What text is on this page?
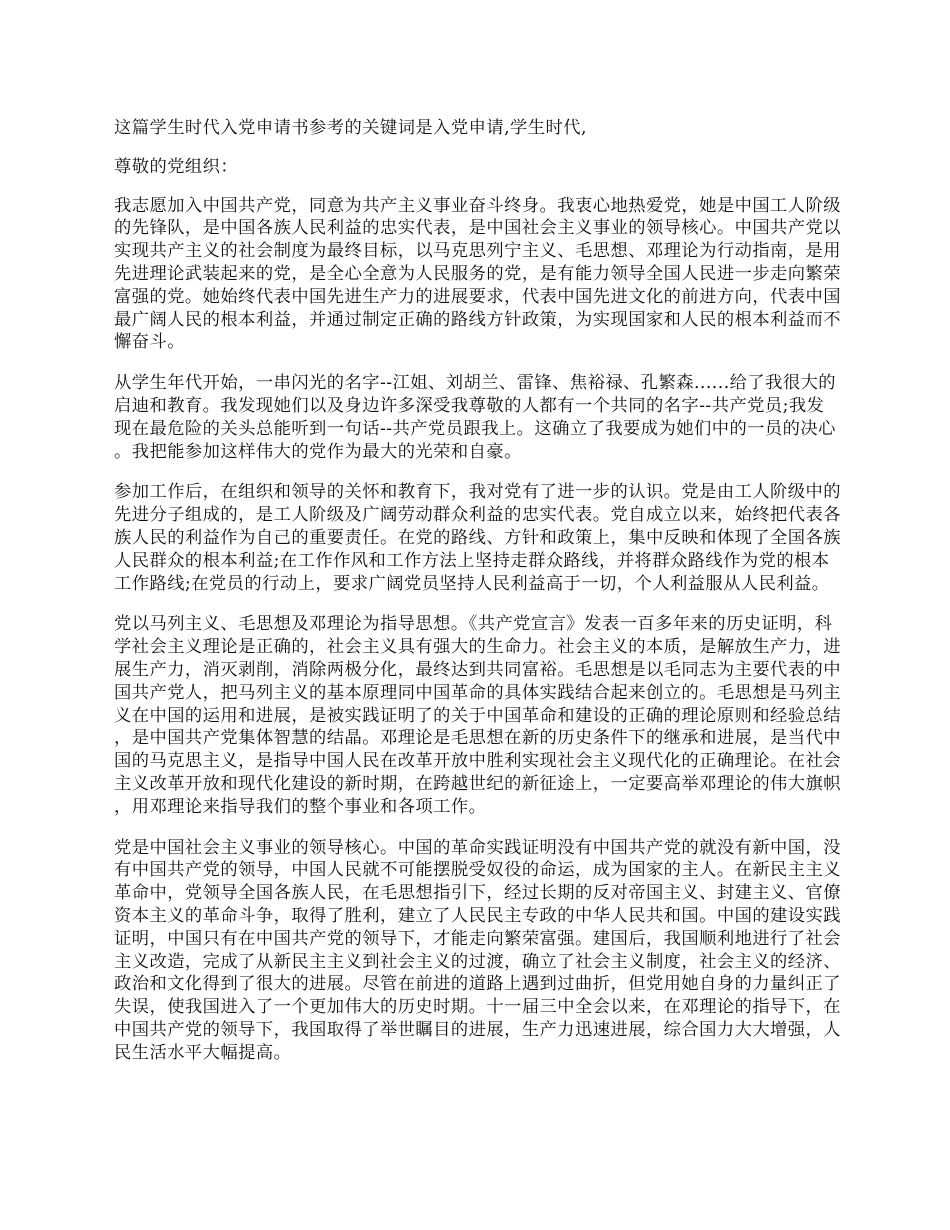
这篇学生时代入党申请书参考的关键词是入党申请,学生时代,

尊敬的党组织：

我志愿加入中国共产党，同意为共产主义事业奋斗终身。我衷心地热爱党，她是中国工人阶级的先锋队，是中国各族人民利益的忠实代表，是中国社会主义事业的领导核心。中国共产党以实现共产主义的社会制度为最终目标，以马克思列宁主义、毛思想、邓理论为行动指南，是用先进理论武装起来的党，是全心全意为人民服务的党，是有能力领导全国人民进一步走向繁荣富强的党。她始终代表中国先进生产力的进展要求，代表中国先进文化的前进方向，代表中国最广阔人民的根本利益，并通过制定正确的路线方针政策，为实现国家和人民的根本利益而不懈奋斗。

从学生年代开始，一串闪光的名字--江姐、刘胡兰、雷锋、焦裕禄、孔繁森......给了我很大的启迪和教育。我发现她们以及身边许多深受我尊敬的人都有一个共同的名字--共产党员;我发现在最危险的关头总能听到一句话--共产党员跟我上。这确立了我要成为她们中的一员的决心。我把能参加这样伟大的党作为最大的光荣和自豪。

参加工作后，在组织和领导的关怀和教育下，我对党有了进一步的认识。党是由工人阶级中的先进分子组成的，是工人阶级及广阔劳动群众利益的忠实代表。党自成立以来，始终把代表各族人民的利益作为自己的重要责任。在党的路线、方针和政策上，集中反映和体现了全国各族人民群众的根本利益;在工作作风和工作方法上坚持走群众路线，并将群众路线作为党的根本工作路线;在党员的行动上，要求广阔党员坚持人民利益高于一切，个人利益服从人民利益。

党以马列主义、毛思想及邓理论为指导思想。《共产党宣言》发表一百多年来的历史证明，科学社会主义理论是正确的，社会主义具有强大的生命力。社会主义的本质，是解放生产力，进展生产力，消灭剥削，消除两极分化，最终达到共同富裕。毛思想是以毛同志为主要代表的中国共产党人，把马列主义的基本原理同中国革命的具体实践结合起来创立的。毛思想是马列主义在中国的运用和进展，是被实践证明了的关于中国革命和建设的正确的理论原则和经验总结，是中国共产党集体智慧的结晶。邓理论是毛思想在新的历史条件下的继承和进展，是当代中国的马克思主义，是指导中国人民在改革开放中胜利实现社会主义现代化的正确理论。在社会主义改革开放和现代化建设的新时期，在跨越世纪的新征途上，一定要高举邓理论的伟大旗帜，用邓理论来指导我们的整个事业和各项工作。

党是中国社会主义事业的领导核心。中国的革命实践证明没有中国共产党的就没有新中国，没有中国共产党的领导，中国人民就不可能摆脱受奴役的命运，成为国家的主人。在新民主主义革命中，党领导全国各族人民，在毛思想指引下，经过长期的反对帝国主义、封建主义、官僚资本主义的革命斗争，取得了胜利，建立了人民民主专政的中华人民共和国。中国的建设实践证明，中国只有在中国共产党的领导下，才能走向繁荣富强。建国后，我国顺利地进行了社会主义改造，完成了从新民主主义到社会主义的过渡，确立了社会主义制度，社会主义的经济、政治和文化得到了很大的进展。尽管在前进的道路上遇到过曲折，但党用她自身的力量纠正了失误，使我国进入了一个更加伟大的历史时期。十一届三中全会以来，在邓理论的指导下，在中国共产党的领导下，我国取得了举世瞩目的进展，生产力迅速进展，综合国力大大增强，人民生活水平大幅提高。
